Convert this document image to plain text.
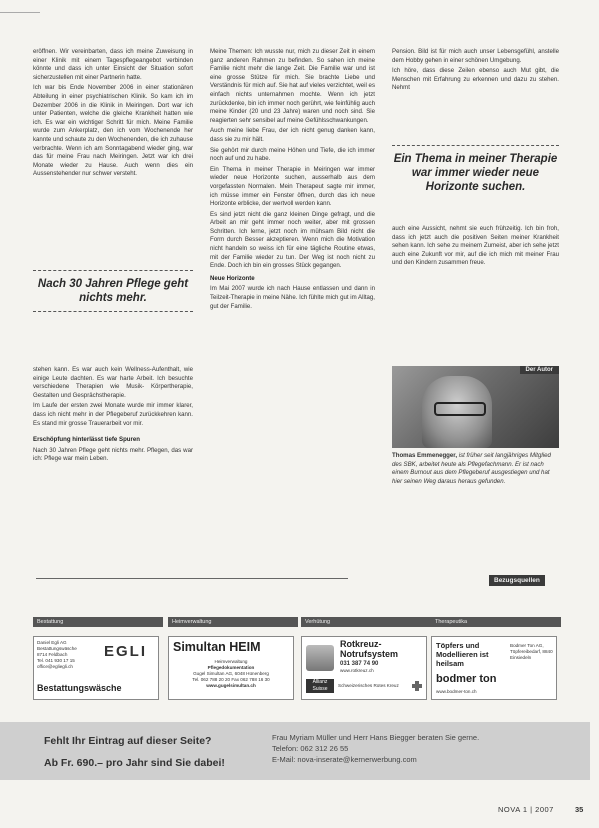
eröffnen. Wir vereinbarten, dass ich meine Zuweisung in einer Klinik mit einem Tagespflegeangebot verbinden könnte und dass ich unter Einsicht der Situation sofort sicherzustellen mit einer Partnerin hatte.

Ich war bis Ende November 2006 in einer stationären Abteilung in einer psychiatrischen Klinik. So kam ich im Dezember 2006 in die Klinik in Meiringen. Dort war ich unter Patienten, welche die gleiche Krankheit hatten wie ich. Es war ein wichtiger Schritt für mich. Meine Familie wurde zum Ankerplatz, den ich vom Wochenende her kannte und schaute zu den Wochenenden, die ich zuhause verbrachte. Wenn ich am Sonntagabend wieder ging, war das für meine Frau nach Meiringen. Jetzt war ich drei Monate wieder zu Hause. Auch wenn dies ein Aussenstehender nur schwer versteht.

Nach 30 Jahren Pflege geht nichts mehr.

stehen kann. Es war auch kein Wellness-Aufenthalt, wie einige Leute dachten. Es war harte Arbeit. Ich besuchte verschiedene Therapien wie Musik- Körpertherapie, Gestalten und Gesprächstherapie.

Im Laufe der ersten zwei Monate wurde mir immer klarer, dass ich nicht mehr in der Pflegeberuf zurückkehren kann. Es stand mir grosse Trauerarbeit vor mir.

Erschöpfung hinterlässt tiefe Spuren

Nach 30 Jahren Pflege geht nichts mehr. Pflegen, das war ich: Pflege war mein Leben.

Meine Themen: Ich wusste nur, mich zu dieser Zeit in einem ganz anderen Rahmen zu befinden. So sahen ich meine Familie nicht mehr die lange Zeit. Die Familie war und ist eine grosse Stütze für mich. Sie brachte Liebe und Verständnis für mich auf. Sie hat auf vieles verzichtet, weil es einfach nichts unternahmen mochte. Wenn ich jetzt zurückdenke, bin ich immer noch gerührt, wie feinfühlig auch meine Kinder (20 und 23 Jahre) waren und noch sind. Sie reagierten sehr sensibel auf meine Gefühlsschwankungen.

Auch meine liebe Frau, der ich nicht genug danken kann, dass sie zu mir hält.

Sie gehört mir durch meine Höhen und Tiefe, die ich immer noch auf und zu habe.

Ein Thema in meiner Therapie in Meiringen war immer wieder neue Horizonte suchen, ausserhalb aus dem vorgefassten Normalen. Mein Therapeut sagte mir immer, ich müsse immer ein Fenster öffnen, durch das ich neue Horizonte erblicke, der wertvoll werden kann.

Es sind jetzt nicht die ganz kleinen Dinge gefragt, und die Arbeit an mir geht immer noch weiter, aber mit grossen Schritten. Ich lerne, jetzt noch im mühsam Bild nicht die Form durch Besser akzeptieren. Wenn mich die Motivation nicht handeln so weiss ich für eine tägliche Routine etwas, mit der Familie wieder zu tun. Der Weg ist noch nicht zu Ende. Doch ich bin ein grosses Stück gegangen.

Neue Horizonte

Im Mai 2007 wurde ich nach Hause entlassen und dann in Teilzeit-Therapie in meine Nähe. Ich fühlte mich gut im Alltag, gut der Familie.

Pension. Bild ist für mich auch unser Lebensgefühl, anstelle dem Hobby gehen in einer schönen Umgebung.

Ich höre, dass diese Zeilen ebenso auch Mut gibt, die Menschen mit Erfahrung zu erkennen und dazu zu stehen. Nehmt

Ein Thema in meiner Therapie war immer wieder neue Horizonte suchen.

auch eine Aussicht, nehmt sie euch frühzeitig. Ich bin froh, dass ich jetzt auch die positiven Seiten meiner Krankheit sehen kann. Ich sehe zu meinem Zumeist, aber ich sehe jetzt auch eine Zukunft vor mir, auf die ich mich mit meiner Frau und den Kindern zusammen freue.

Der Autor
Thomas Emmenegger, ist früher seit langjähriges Mitglied des SBK, arbeitet heute als Pflegefachmann. Er ist nach einem Burnout aus dem Pflegeberuf ausgestiegen und hat hier seinen Weg daraus heraus gefunden.
Bezugsquellen
Bestattung	Heimverwaltung	Verhütung	Therapeutika
Daniel Egli AG
Bestattungswäsche
8714 Feldbach
Tel. 041 930 17 15
office@egliegli.ch
EGLI
Bestattungswäsche
Simultan HEIM
Heimverwaltung
Pflegedokumentation
Gugel Simultan AG, 6048 Hünenberg
Tel. 062 788 20 20 Fax 062 788 16 30
www.gugelsimultan.ch
Rotkreuz-
Notrufsystem
031 387 74 90
www.rotkreuz.ch
Allianz
Suisse
Schweizerisches Rotes Kreuz
Töpfers und
Modellieren ist
heilsam
bodmer ton
Bodmer Ton AG, Töpfereibedarf, 8840 Einsiedeln
www.bodmer-ton.ch
Fehlt Ihr Eintrag auf dieser Seite?
Ab Fr. 690.– pro Jahr sind Sie dabei!
Frau Myriam Müller und Herr Hans Biegger beraten Sie gerne.
Telefon: 062 312 26 55
E-Mail: nova-inserate@kernerwerbung.com
NOVA 1 | 2007	35
